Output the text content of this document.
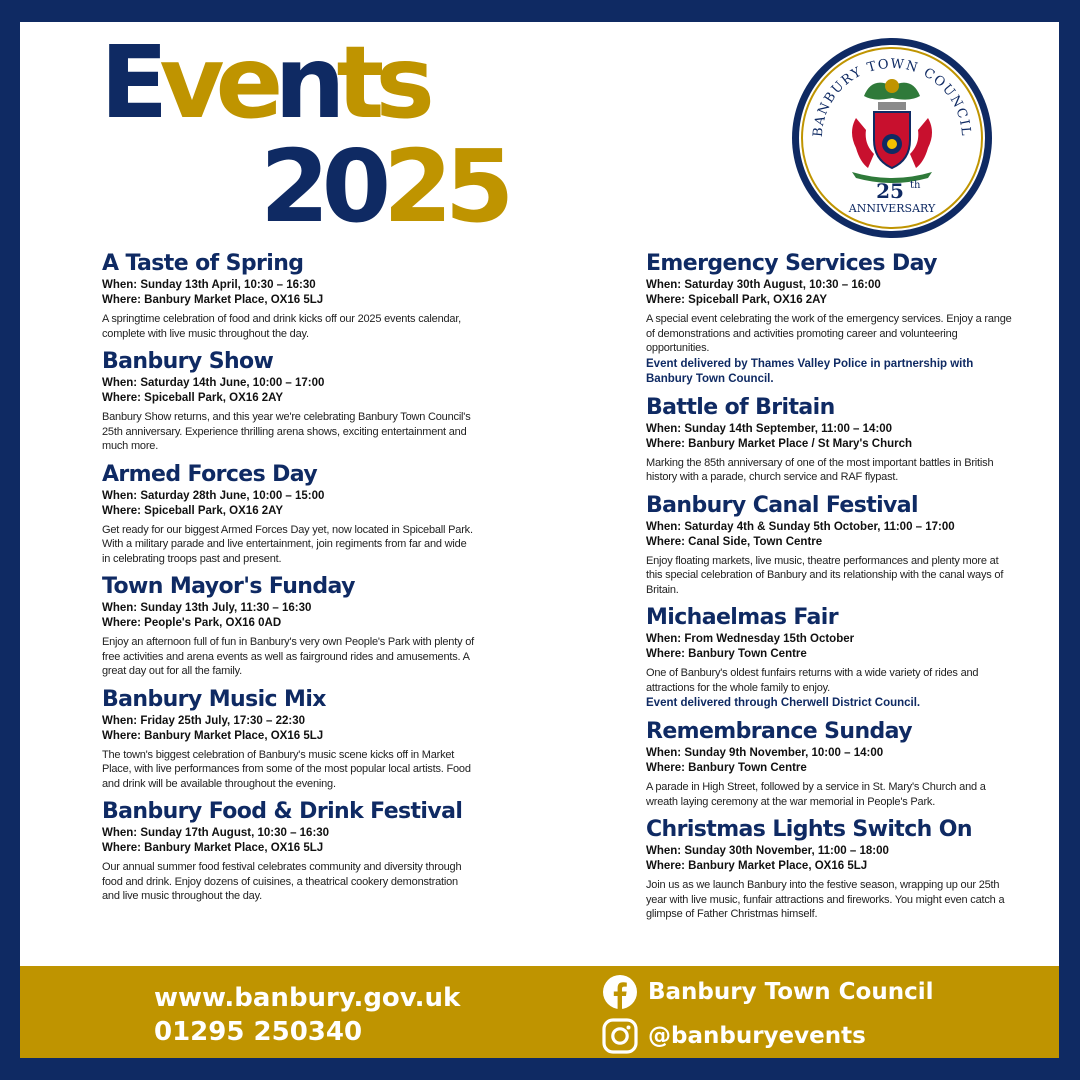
Events
2025	BANBURY TOWN COUNCIL
25 th
ANNIVERSARY
A Taste of Spring
When: Sunday 13th April, 10:30 – 16:30
Where: Banbury Market Place, OX16 5LJ
A springtime celebration of food and drink kicks off our 2025 events calendar, complete with live music throughout the day.
Banbury Show
When: Saturday 14th June, 10:00 – 17:00
Where: Spiceball Park, OX16 2AY
Banbury Show returns, and this year we're celebrating Banbury Town Council's 25th anniversary. Experience thrilling arena shows, exciting entertainment and much more.
Armed Forces Day
When: Saturday 28th June, 10:00 – 15:00
Where: Spiceball Park, OX16 2AY
Get ready for our biggest Armed Forces Day yet, now located in Spiceball Park. With a military parade and live entertainment, join regiments from far and wide in celebrating troops past and present.
Town Mayor's Funday
When: Sunday 13th July, 11:30 – 16:30
Where: People's Park, OX16 0AD
Enjoy an afternoon full of fun in Banbury's very own People's Park with plenty of free activities and arena events as well as fairground rides and amusements. A great day out for all the family.
Banbury Music Mix
When: Friday 25th July, 17:30 – 22:30
Where: Banbury Market Place, OX16 5LJ
The town's biggest celebration of Banbury's music scene kicks off in Market Place, with live performances from some of the most popular local artists. Food and drink will be available throughout the evening.
Banbury Food & Drink Festival
When: Sunday 17th August, 10:30 – 16:30
Where: Banbury Market Place, OX16 5LJ
Our annual summer food festival celebrates community and diversity through food and drink. Enjoy dozens of cuisines, a theatrical cookery demonstration and live music throughout the day.
Emergency Services Day
When: Saturday 30th August, 10:30 – 16:00
Where: Spiceball Park, OX16 2AY
A special event celebrating the work of the emergency services. Enjoy a range of demonstrations and activities promoting career and volunteering opportunities.
Event delivered by Thames Valley Police in partnership with Banbury Town Council.
Battle of Britain
When: Sunday 14th September, 11:00 – 14:00
Where: Banbury Market Place / St Mary's Church
Marking the 85th anniversary of one of the most important battles in British history with a parade, church service and RAF flypast.
Banbury Canal Festival
When: Saturday 4th & Sunday 5th October, 11:00 – 17:00
Where: Canal Side, Town Centre
Enjoy floating markets, live music, theatre performances and plenty more at this special celebration of Banbury and its relationship with the canal ways of Britain.
Michaelmas Fair
When: From Wednesday 15th October
Where: Banbury Town Centre
One of Banbury's oldest funfairs returns with a wide variety of rides and attractions for the whole family to enjoy.
Event delivered through Cherwell District Council.
Remembrance Sunday
When: Sunday 9th November, 10:00 – 14:00
Where: Banbury Town Centre
A parade in High Street, followed by a service in St. Mary's Church and a wreath laying ceremony at the war memorial in People's Park.
Christmas Lights Switch On
When: Sunday 30th November, 11:00 – 18:00
Where: Banbury Market Place, OX16 5LJ
Join us as we launch Banbury into the festive season, wrapping up our 25th year with live music, funfair attractions and fireworks. You might even catch a glimpse of Father Christmas himself.
www.banbury.gov.uk
01295 250340
Banbury Town Council
@banburyevents
